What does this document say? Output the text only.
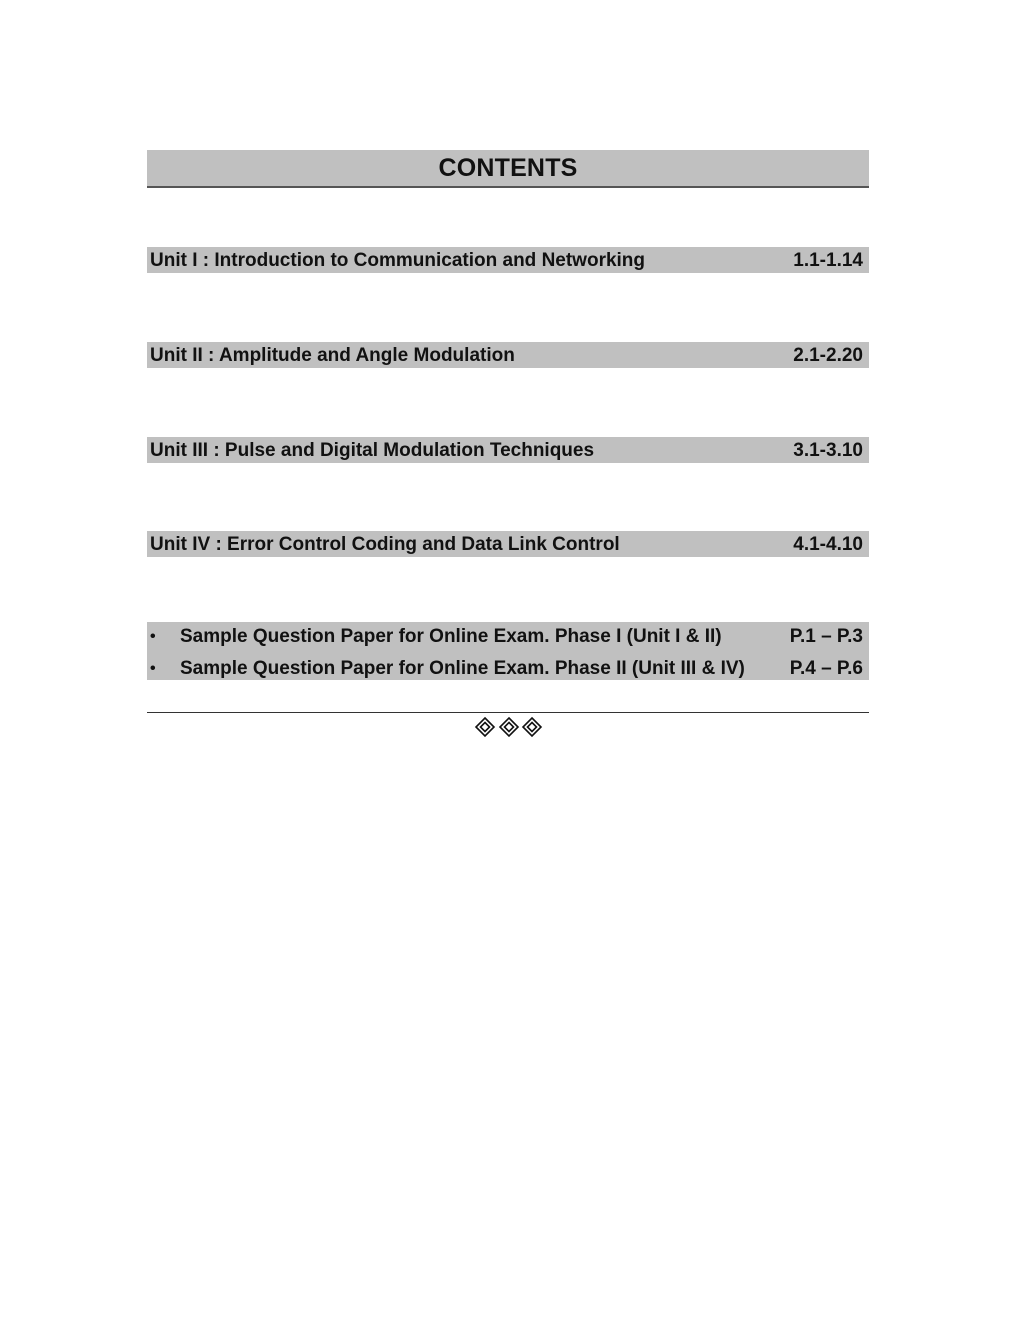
CONTENTS
Unit I : Introduction to Communication and Networking	1.1-1.14
Unit II : Amplitude and Angle Modulation	2.1-2.20
Unit III : Pulse and Digital Modulation Techniques	3.1-3.10
Unit IV : Error Control Coding and Data Link Control	4.1-4.10
• Sample Question Paper for Online Exam. Phase I (Unit I & II)	P.1 – P.3
• Sample Question Paper for Online Exam. Phase II (Unit III & IV) P.4 – P.6
